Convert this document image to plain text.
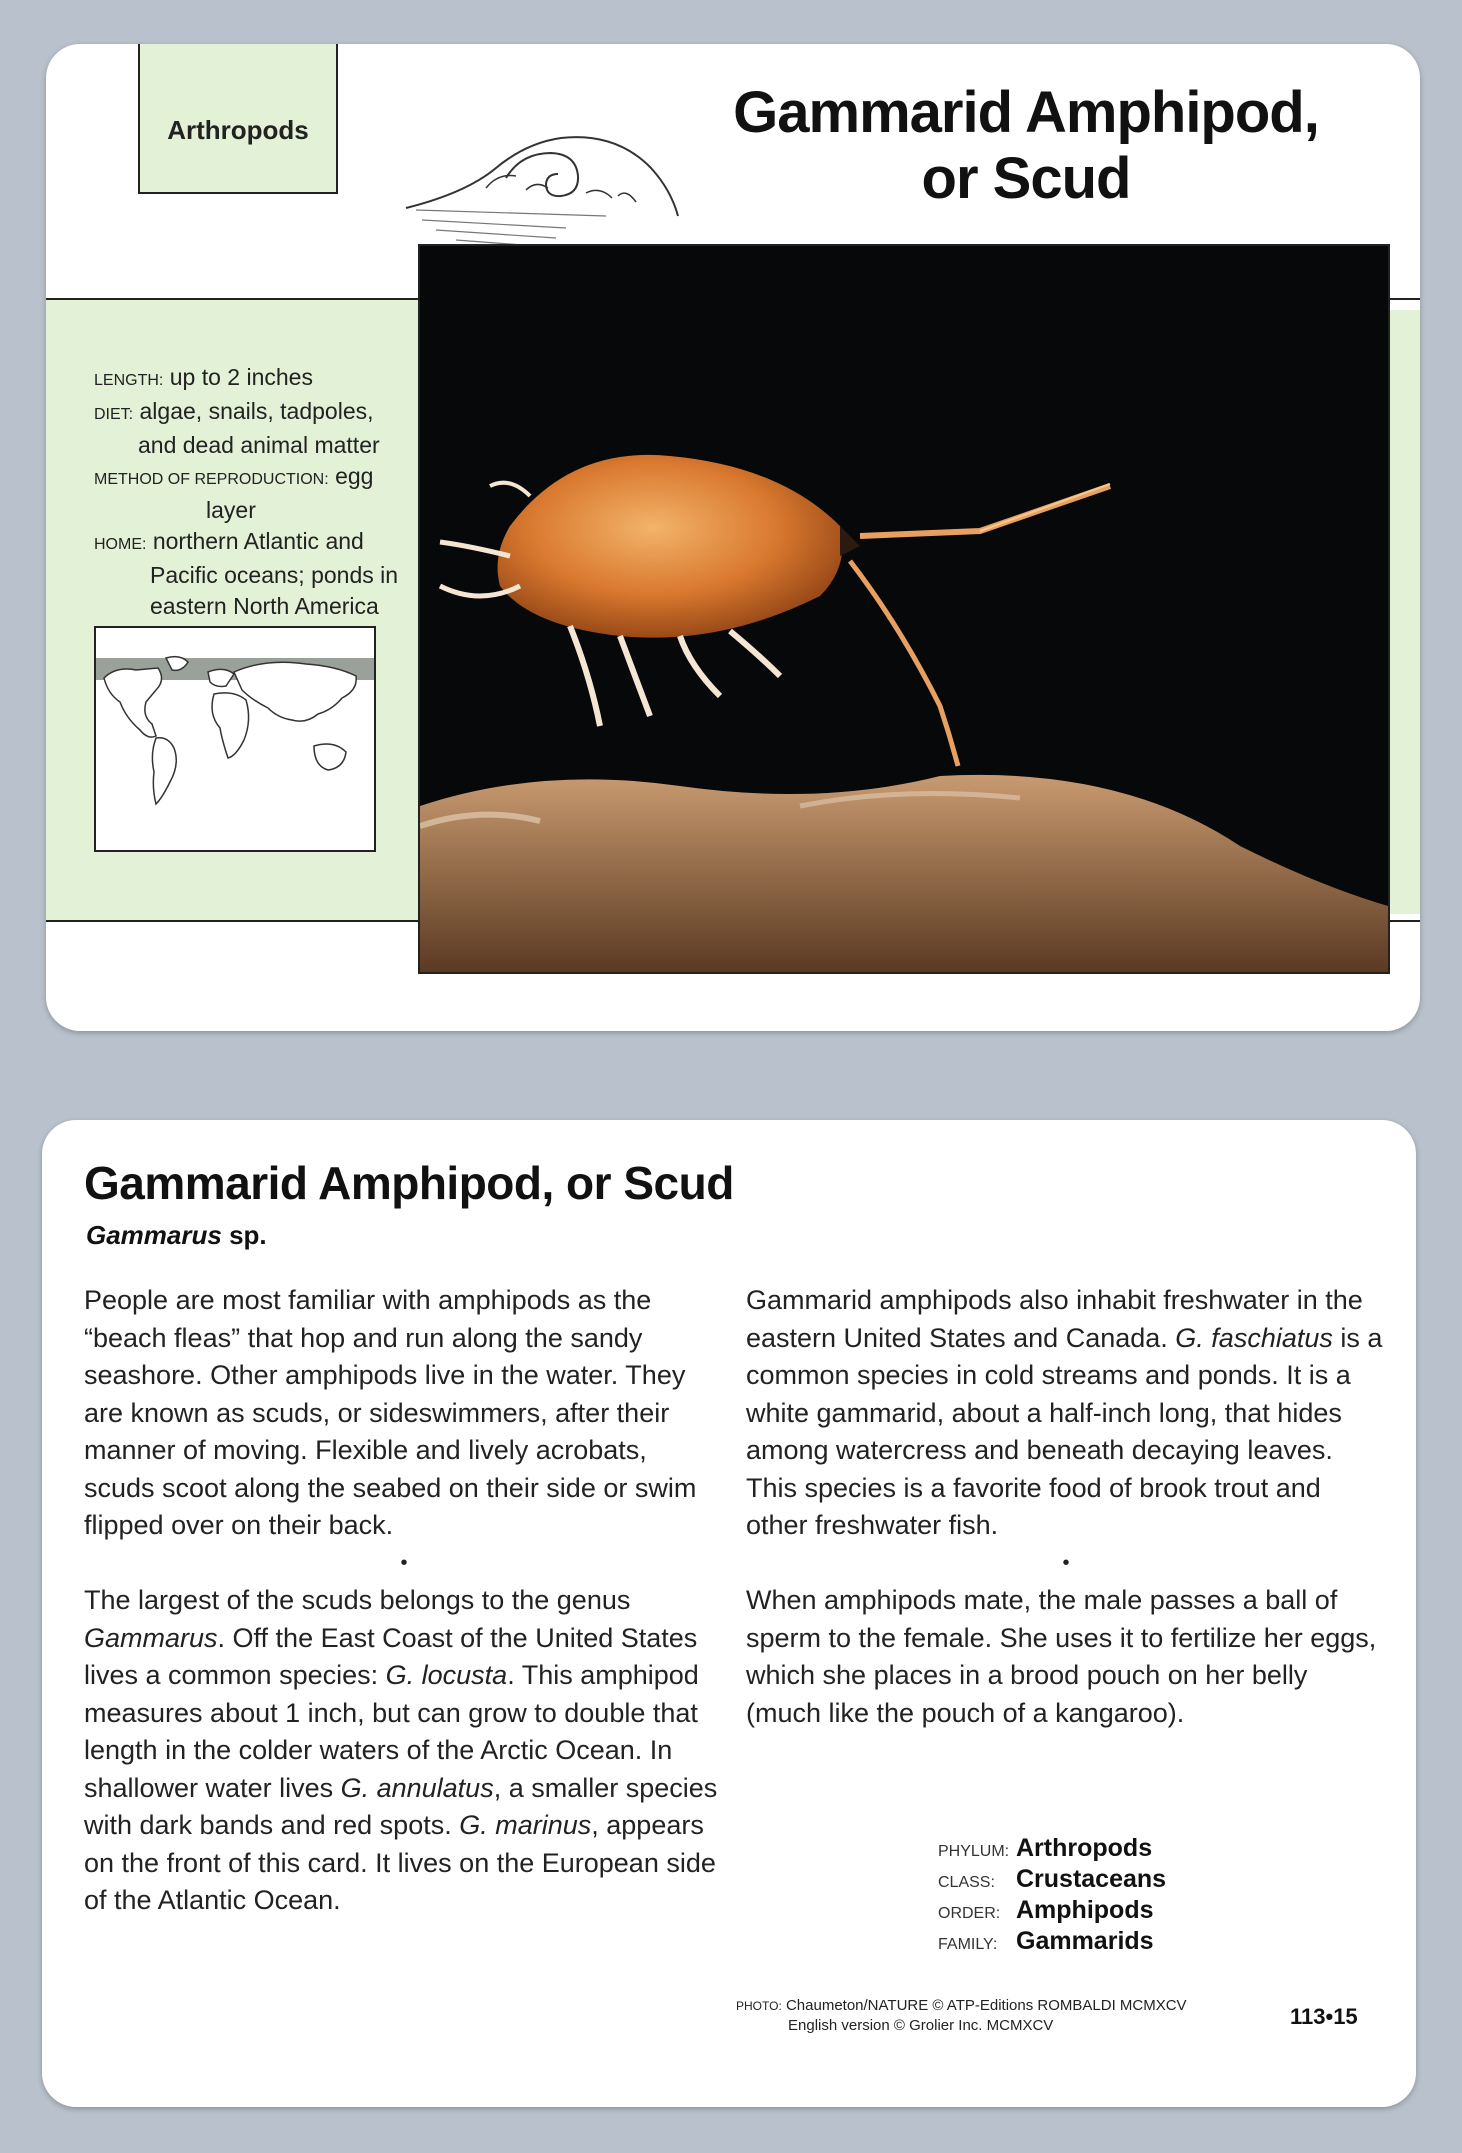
Arthropods	Gammarid Amphipod,
or Scud
LENGTH: up to 2 inches
DIET: algae, snails, tadpoles,
and dead animal matter
METHOD OF REPRODUCTION: egg
layer
HOME: northern Atlantic and
Pacific oceans; ponds in
eastern North America
Gammarid Amphipod, or Scud
Gammarus sp.

People are most familiar with amphipods as the “beach fleas” that hop and run along the sandy seashore. Other amphipods live in the water. They are known as scuds, or sideswimmers, after their manner of moving. Flexible and lively acrobats, scuds scoot along the seabed on their side or swim flipped over on their back.

•

The largest of the scuds belongs to the genus Gammarus. Off the East Coast of the United States lives a common species: G. locusta. This amphipod measures about 1 inch, but can grow to double that length in the colder waters of the Arctic Ocean. In shallower water lives G. annulatus, a smaller species with dark bands and red spots. G. marinus, appears on the front of this card. It lives on the European side of the Atlantic Ocean.

Gammarid amphipods also inhabit freshwater in the eastern United States and Canada. G. faschiatus is a common species in cold streams and ponds. It is a white gammarid, about a half-inch long, that hides among watercress and beneath decaying leaves. This species is a favorite food of brook trout and other freshwater fish.

•

When amphipods mate, the male passes a ball of sperm to the female. She uses it to fertilize her eggs, which she places in a brood pouch on her belly (much like the pouch of a kangaroo).

PHYLUM: Arthropods
CLASS: Crustaceans
ORDER: Amphipods
FAMILY: Gammarids
PHOTO: Chaumeton/NATURE © ATP-Editions ROMBALDI MCMXCV
English version © Grolier Inc. MCMXCV	113•15
